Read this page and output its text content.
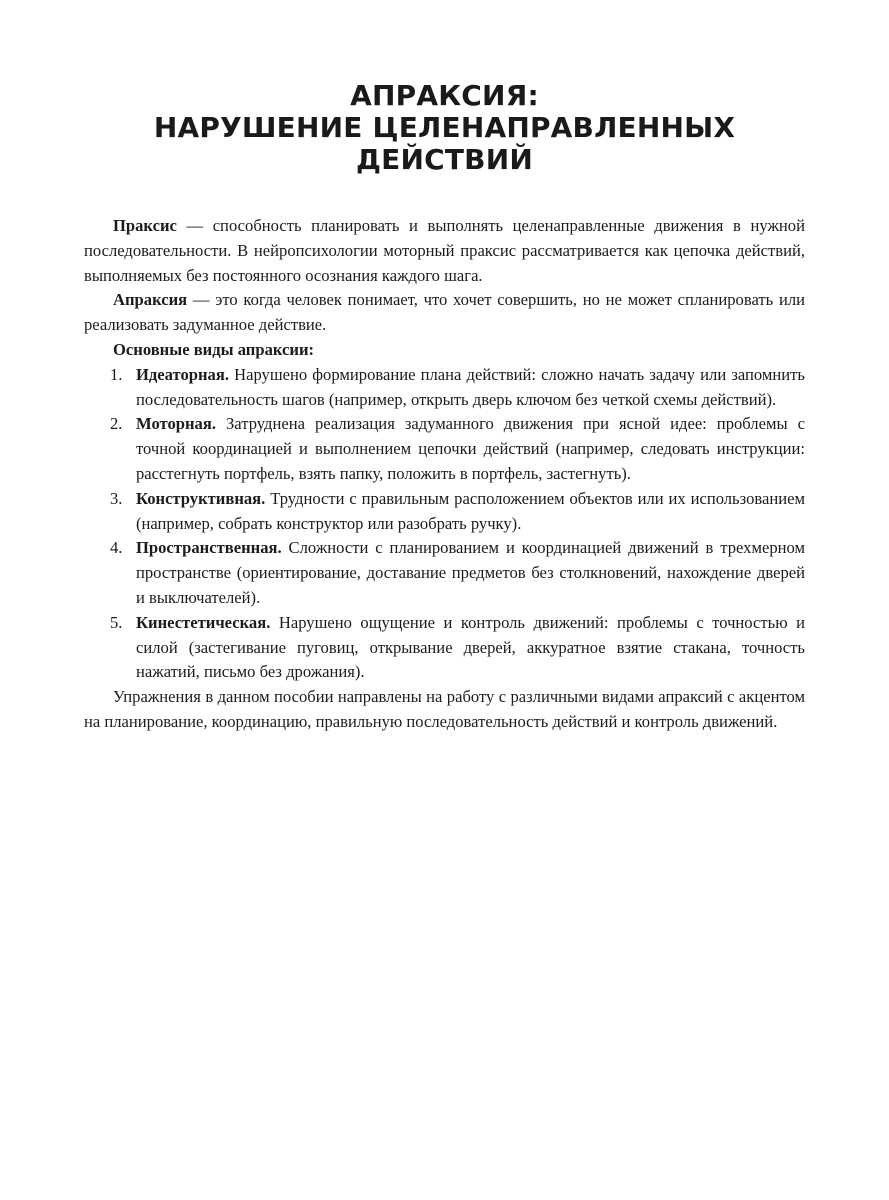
АПРАКСИЯ:
НАРУШЕНИЕ ЦЕЛЕНАПРАВЛЕННЫХ
ДЕЙСТВИЙ

Праксис — способность планировать и выполнять целенаправленные движения в нужной последовательности. В нейропсихологии моторный праксис рассматривается как цепочка действий, выполняемых без постоянного осознания каждого шага.

Апраксия — это когда человек понимает, что хочет совершить, но не может спланировать или реализовать задуманное действие.

Основные виды апраксии:

1. Идеаторная. Нарушено формирование плана действий: сложно начать задачу или запомнить последовательность шагов (например, открыть дверь ключом без четкой схемы действий).
2. Моторная. Затруднена реализация задуманного движения при ясной идее: проблемы с точной координацией и выполнением цепочки действий (например, следовать инструкции: расстегнуть портфель, взять папку, положить в портфель, застегнуть).
3. Конструктивная. Трудности с правильным расположением объектов или их использованием (например, собрать конструктор или разобрать ручку).
4. Пространственная. Сложности с планированием и координацией движений в трехмерном пространстве (ориентирование, доставание предметов без столкновений, нахождение дверей и выключателей).
5. Кинестетическая. Нарушено ощущение и контроль движений: проблемы с точностью и силой (застегивание пуговиц, открывание дверей, аккуратное взятие стакана, точность нажатий, письмо без дрожания).

Упражнения в данном пособии направлены на работу с различными видами апраксий с акцентом на планирование, координацию, правильную последовательность действий и контроль движений.
